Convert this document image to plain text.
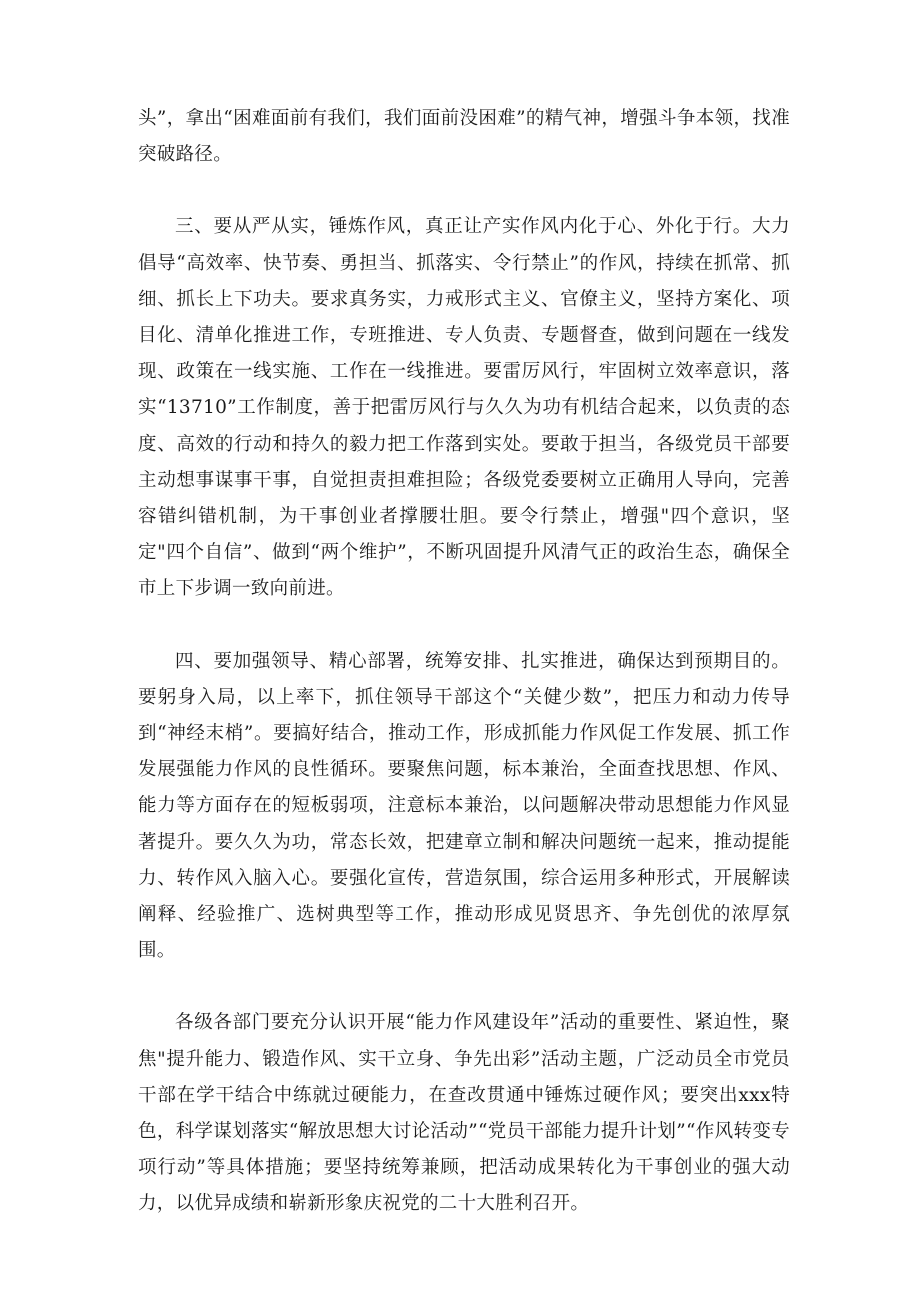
头”，拿出“困难面前有我们，我们面前没困难”的精气神，增强斗争本领，找准突破路径。

三、要从严从实，锤炼作风，真正让产实作风内化于心、外化于行。大力倡导“高效率、快节奏、勇担当、抓落实、令行禁止”的作风，持续在抓常、抓细、抓长上下功夫。要求真务实，力戒形式主义、官僚主义，坚持方案化、项目化、清单化推进工作，专班推进、专人负责、专题督查，做到问题在一线发现、政策在一线实施、工作在一线推进。要雷厉风行，牢固树立效率意识，落实“13710”工作制度，善于把雷厉风行与久久为功有机结合起来，以负责的态度、高效的行动和持久的毅力把工作落到实处。要敢于担当，各级党员干部要主动想事谋事干事，自觉担责担难担险；各级党委要树立正确用人导向，完善容错纠错机制，为干事创业者撑腰壮胆。要令行禁止，增强"四个意识，坚定"四个自信”、做到“两个维护”，不断巩固提升风清气正的政治生态，确保全市上下步调一致向前进。

四、要加强领导、精心部署，统筹安排、扎实推进，确保达到预期目的。要躬身入局，以上率下，抓住领导干部这个“关健少数”，把压力和动力传导到“神经末梢”。要搞好结合，推动工作，形成抓能力作风促工作发展、抓工作发展强能力作风的良性循环。要聚焦问题，标本兼治，全面查找思想、作风、能力等方面存在的短板弱项，注意标本兼治，以问题解决带动思想能力作风显著提升。要久久为功，常态长效，把建章立制和解决问题统一起来，推动提能力、转作风入脑入心。要强化宣传，营造氛围，综合运用多种形式，开展解读阐释、经验推广、选树典型等工作，推动形成见贤思齐、争先创优的浓厚氛围。

各级各部门要充分认识开展“能力作风建设年”活动的重要性、紧迫性，聚焦"提升能力、锻造作风、实干立身、争先出彩”活动主题，广泛动员全市党员干部在学干结合中练就过硬能力，在查改贯通中锤炼过硬作风；要突出xxx特色，科学谋划落实“解放思想大讨论活动”“党员干部能力提升计划”“作风转变专项行动”等具体措施；要坚持统筹兼顾，把活动成果转化为干事创业的强大动力，以优异成绩和崭新形象庆祝党的二十大胜利召开。
